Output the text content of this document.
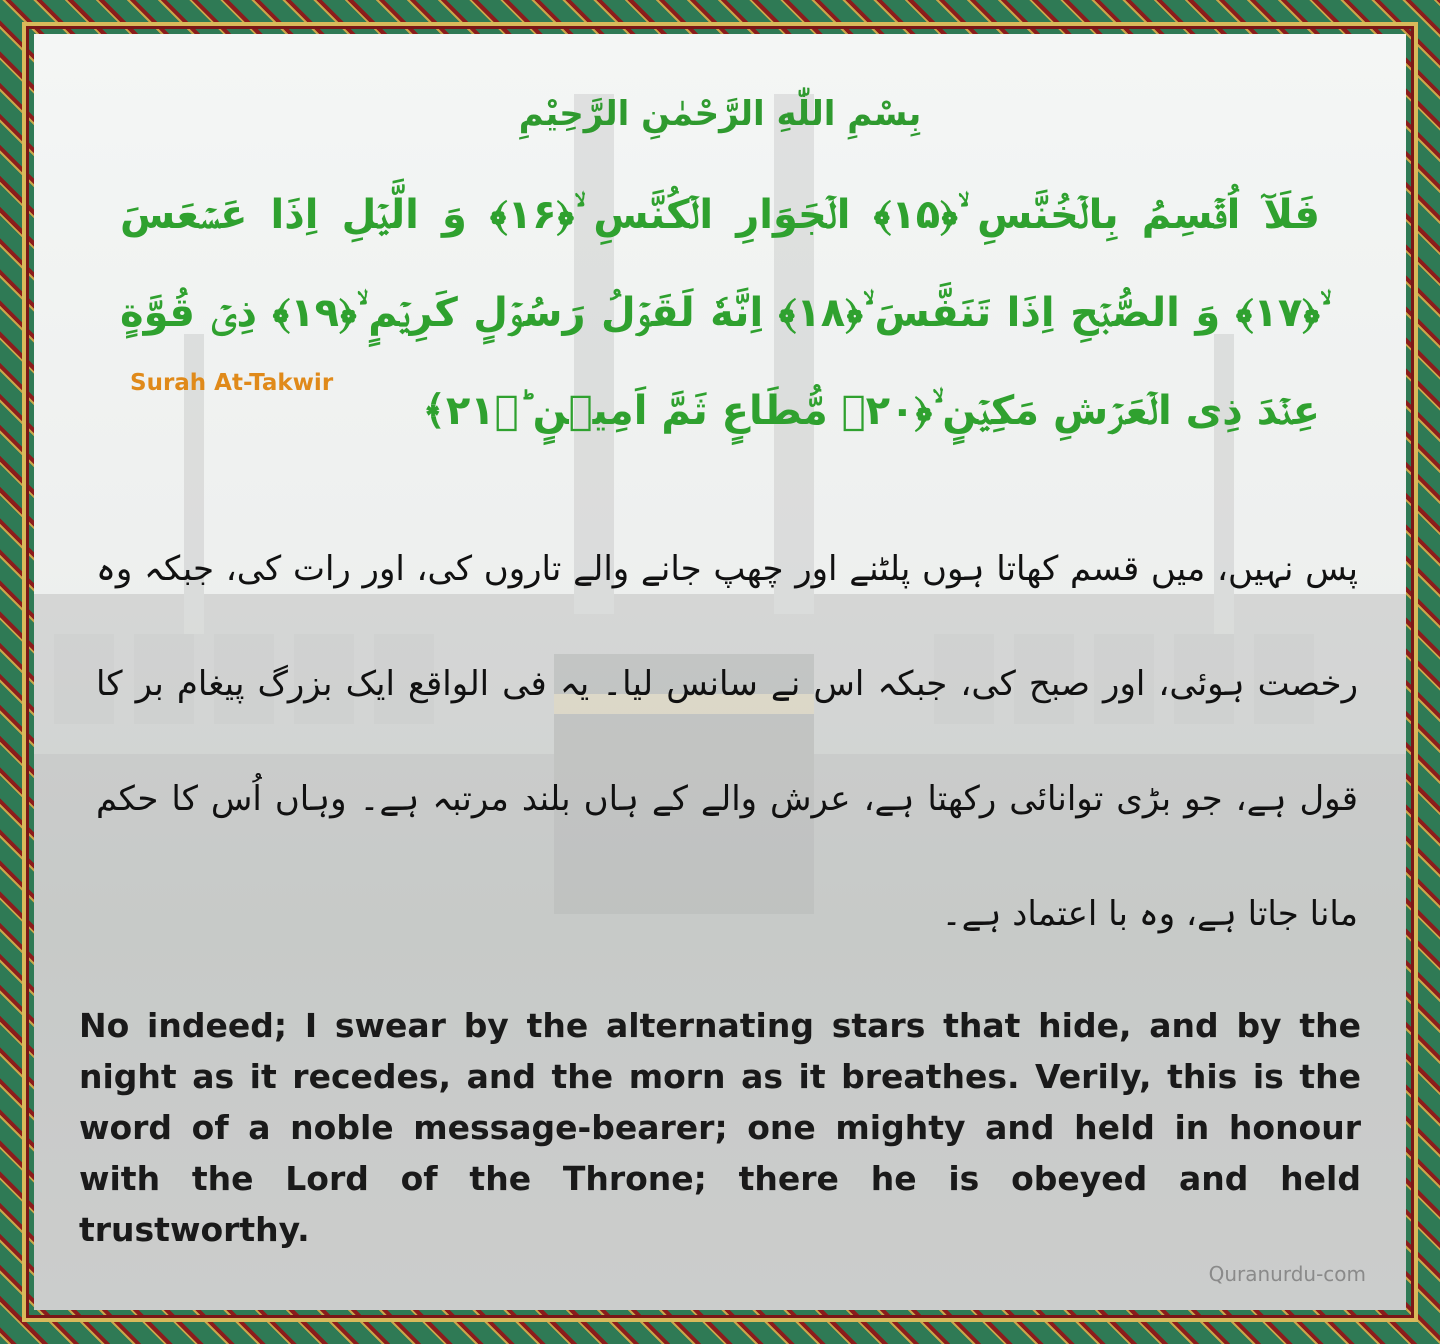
بِسْمِ اللّٰهِ الرَّحْمٰنِ الرَّحِيْمِ
فَلَآ اُقۡسِمُ بِالۡخُنَّسِ ۙ﴿۱۵﴾ الۡجَوَارِ الۡكُنَّسِ ۙ﴿۱۶﴾ وَ الَّيۡلِ اِذَا عَسۡعَسَ ۙ﴿۱۷﴾ وَ الصُّبۡحِ اِذَا تَنَفَّسَ ۙ﴿۱۸﴾ اِنَّهٗ لَقَوۡلُ رَسُوۡلٍ كَرِيۡمٍ ۙ﴿۱۹﴾ ذِىۡ قُوَّةٍ عِنۡدَ ذِى الۡعَرۡشِ مَكِيۡنٍ ۙ﴿۲۰﴾ مُّطَاعٍ ثَمَّ اَمِيۡنٍ ؕ﴿۲۱﴾
Surah At-Takwir
پس نہیں، میں قسم کھاتا ہوں پلٹنے اور چھپ جانے والے تاروں کی، اور رات کی، جبکہ وہ رخصت ہوئی، اور صبح کی، جبکہ اس نے سانس لیا۔ یہ فی الواقع ایک بزرگ پیغام بر کا قول ہے، جو بڑی توانائی رکھتا ہے، عرش والے کے ہاں بلند مرتبہ ہے۔ وہاں اُس کا حکم مانا جاتا ہے، وہ با اعتماد ہے۔
No indeed; I swear by the alternating stars that hide, and by the night as it recedes, and the morn as it breathes. Verily, this is the word of a noble message-bearer; one mighty and held in honour with the Lord of the Throne; there he is obeyed and held trustworthy.
Quranurdu-com
